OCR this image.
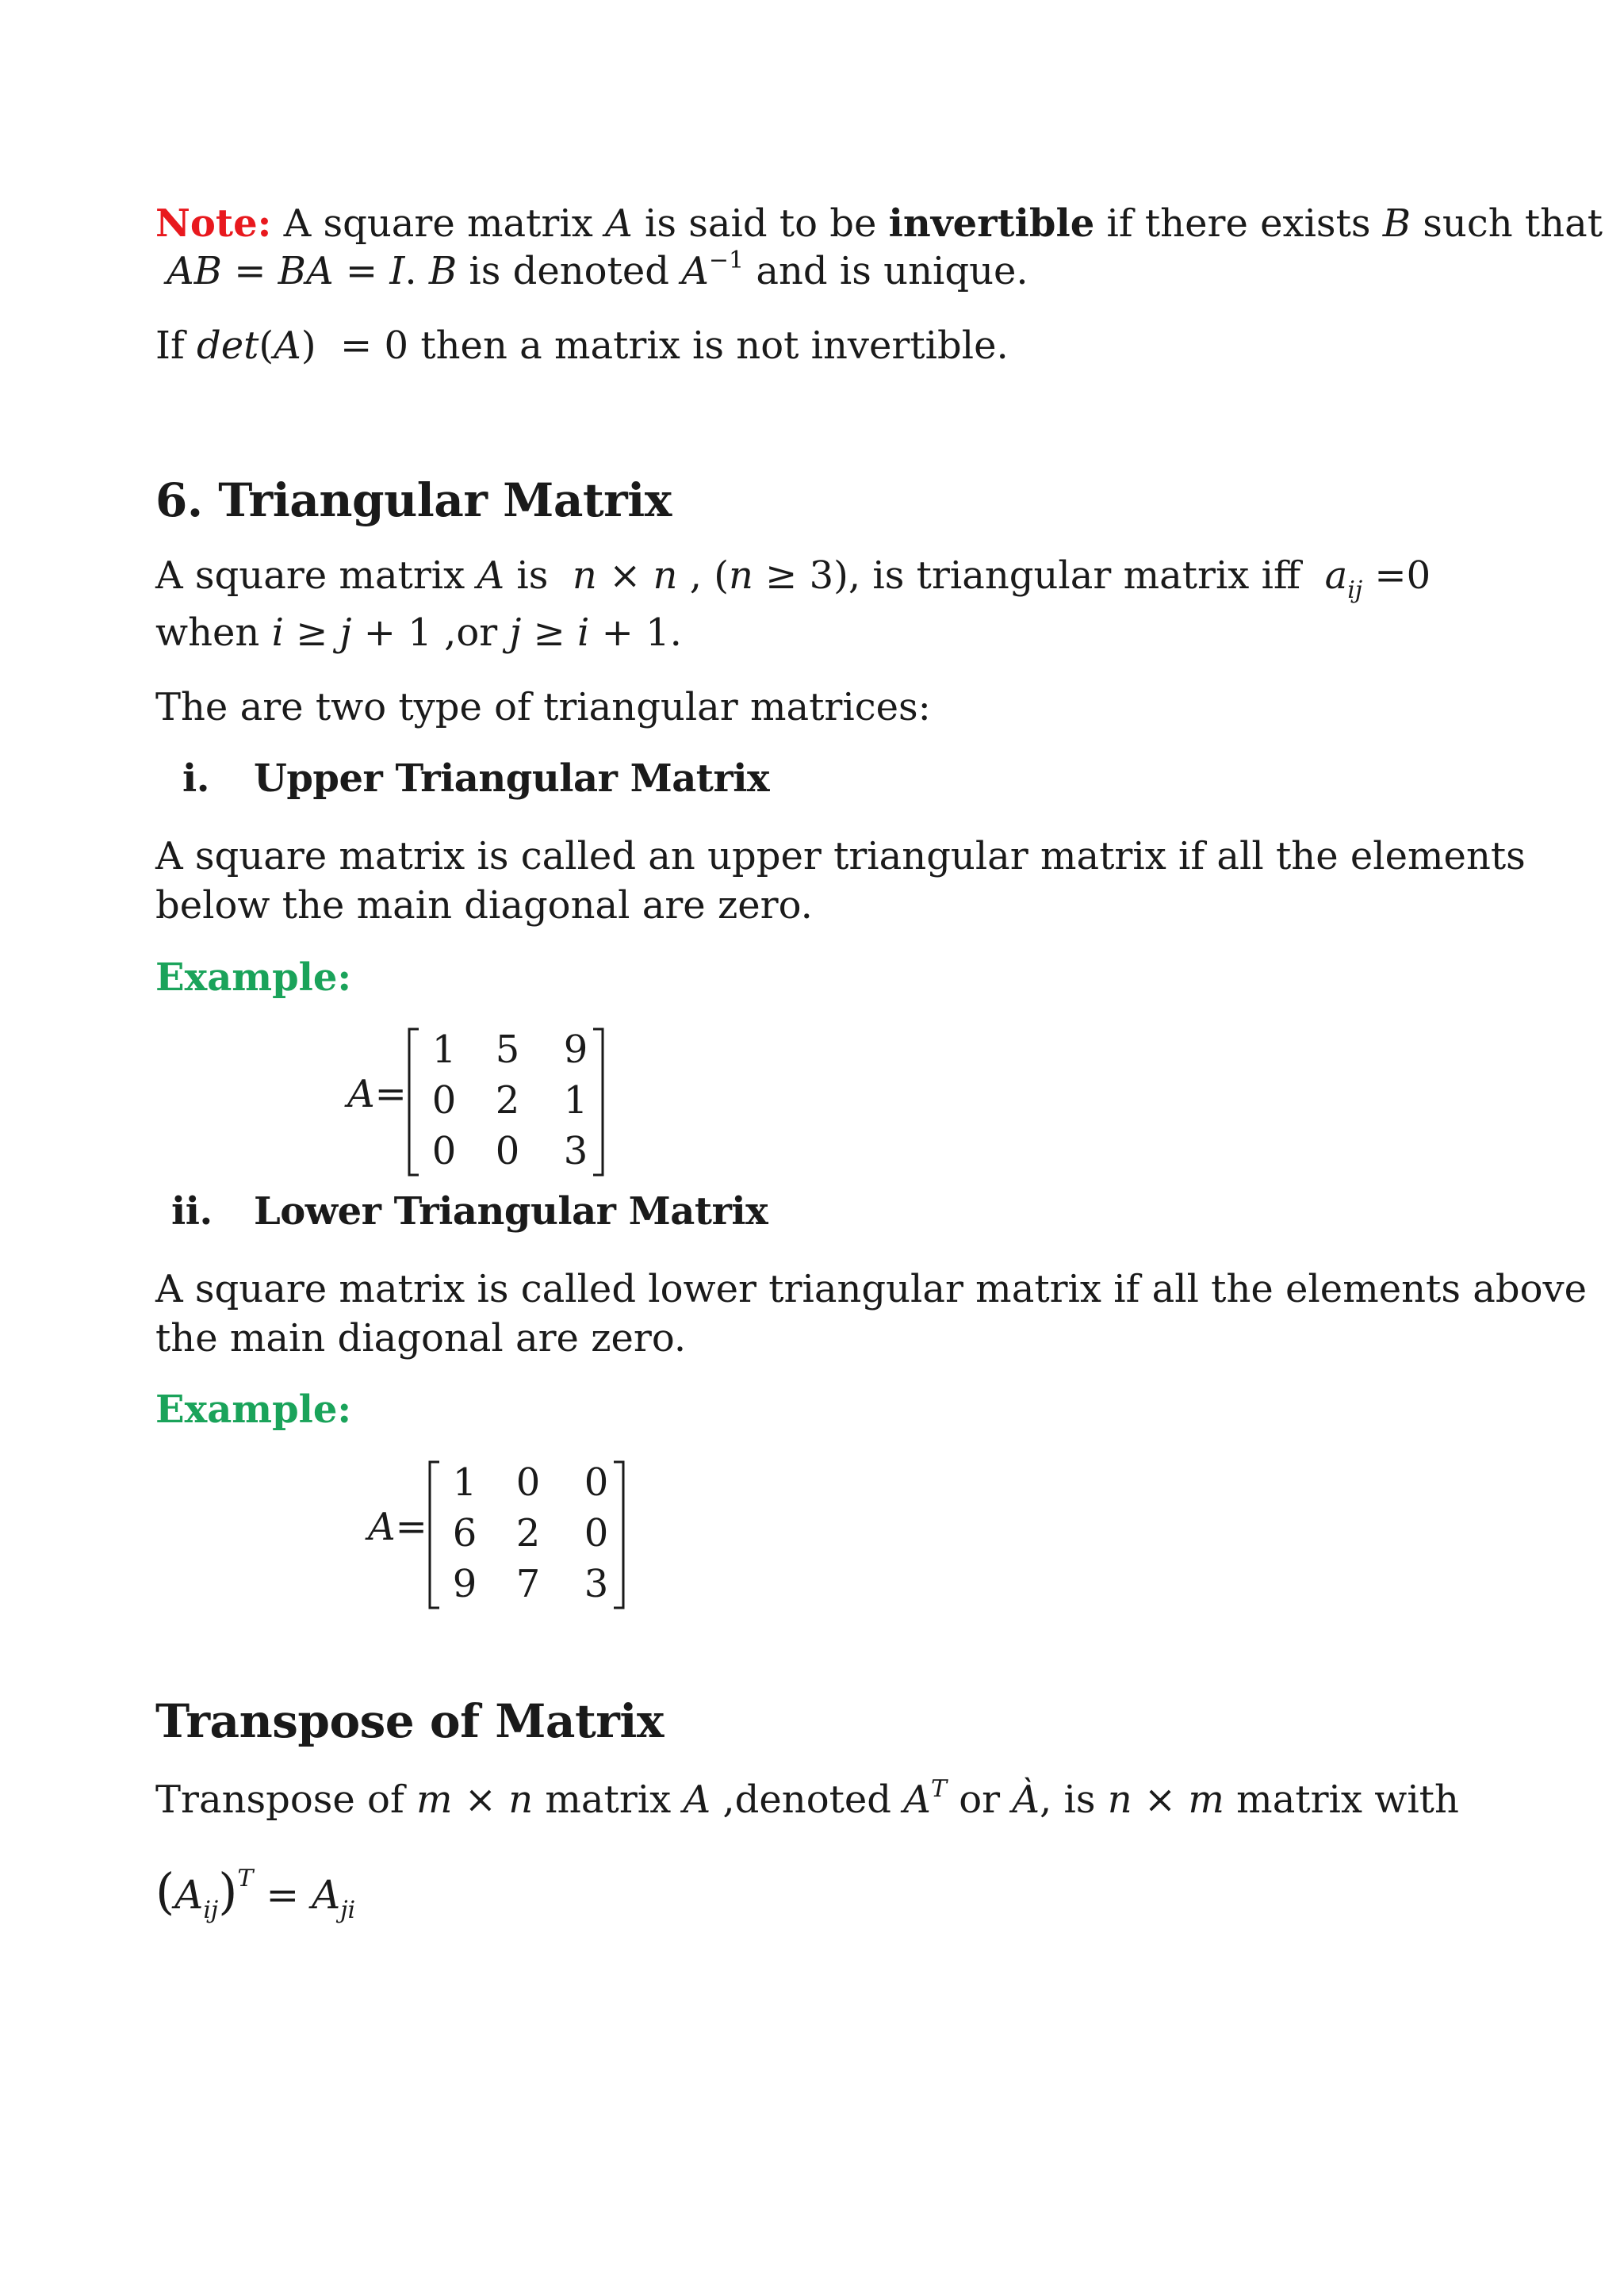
Note: A square matrix A is said to be invertible if there exists B such that
AB = BA = I. B is denoted $A^{-1}$ and is unique.
If det(A)  = 0 then a matrix is not invertible.
6. Triangular Matrix
A square matrix A is  n × n , (n ≥ 3), is triangular matrix iff  $a_{ij} =0$
when i ≥ j + 1 ,or j ≥ i + 1.
The are two type of triangular matrices:
i. Upper Triangular Matrix
A square matrix is called an upper triangular matrix if all the elements
below the main diagonal are zero.
Example:
A=
1	5	9
0	2	1
0	0	3
ii. Lower Triangular Matrix
A square matrix is called lower triangular matrix if all the elements above
the main diagonal are zero.
Example:
A=
1	0	0
6	2	0
9	7	3
Transpose of Matrix
Transpose of m × n matrix A ,denoted $A^T$ or À, is n × m matrix with
$(A_{ij})^T = A_{ji}$
